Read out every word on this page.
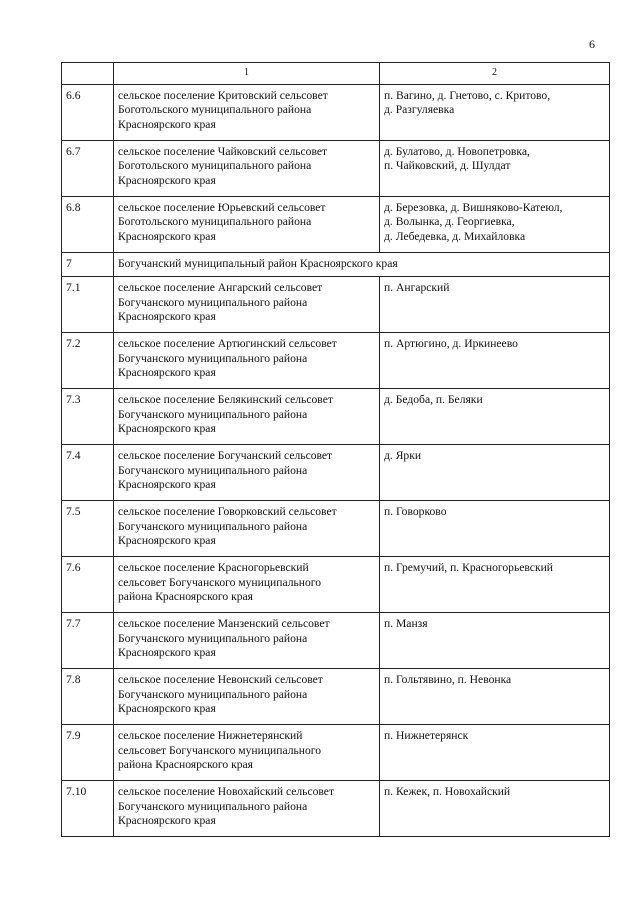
6
	1	2
6.6	сельское поселение Критовский сельсовет
Боготольского муниципального района
Красноярского края	п. Вагино, д. Гнетово, с. Критово,
д. Разгуляевка

6.7	сельское поселение Чайковский сельсовет
Боготольского муниципального района
Красноярского края	д. Булатово, д. Новопетровка,
п. Чайковский, д. Шулдат

6.8	сельское поселение Юрьевский сельсовет
Боготольского муниципального района
Красноярского края	д. Березовка, д. Вишняково-Катеюл,
д. Волынка, д. Георгиевка,
д. Лебедевка, д. Михайловка

7	Богучанский муниципальный район Красноярского края	
7.1	сельское поселение Ангарский сельсовет
Богучанского муниципального района
Красноярского края	п. Ангарский

7.2	сельское поселение Артюгинский сельсовет
Богучанского муниципального района
Красноярского края	п. Артюгино, д. Иркинеево

7.3	сельское поселение Белякинский сельсовет
Богучанского муниципального района
Красноярского края	д. Бедоба, п. Беляки

7.4	сельское поселение Богучанский сельсовет
Богучанского муниципального района
Красноярского края	д. Ярки

7.5	сельское поселение Говорковский сельсовет
Богучанского муниципального района
Красноярского края	п. Говорково

7.6	сельское поселение Красногорьевский
сельсовет Богучанского муниципального
района Красноярского края	п. Гремучий, п. Красногорьевский

7.7	сельское поселение Манзенский сельсовет
Богучанского муниципального района
Красноярского края	п. Манзя

7.8	сельское поселение Невонский сельсовет
Богучанского муниципального района
Красноярского края	п. Гольтявино, п. Невонка

7.9	сельское поселение Нижнетерянский
сельсовет Богучанского муниципального
района Красноярского края	п. Нижнетерянск

7.10	сельское поселение Новохайский сельсовет
Богучанского муниципального района
Красноярского края	п. Кежек, п. Новохайский
